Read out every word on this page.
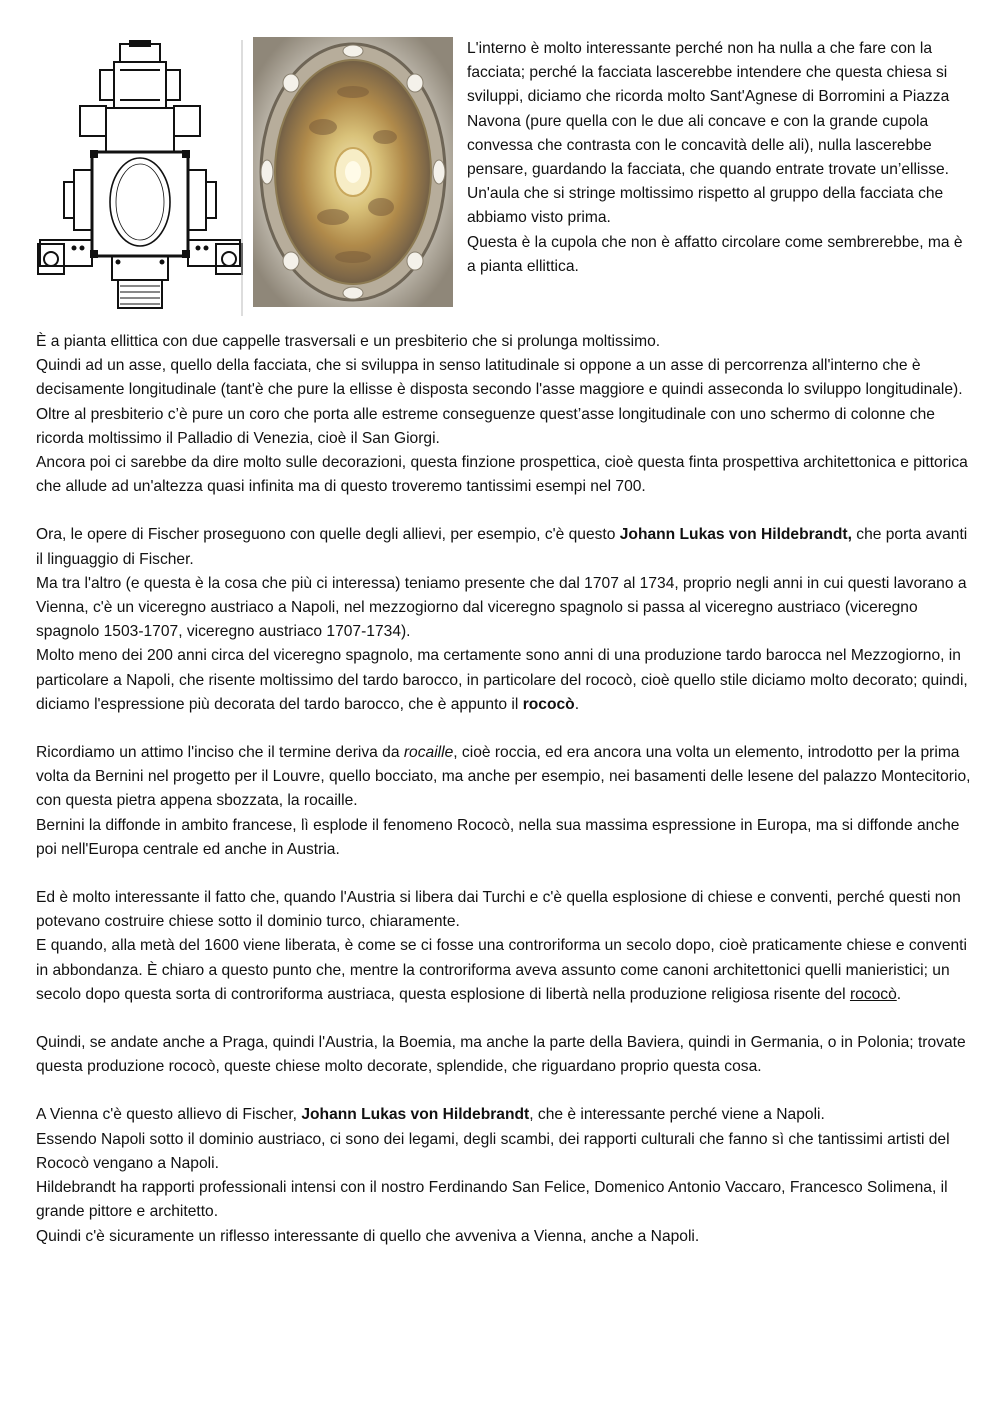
L'interno è molto interessante perché non ha nulla a che fare con la facciata; perché la facciata lascerebbe intendere che questa chiesa si sviluppi, diciamo che ricorda molto Sant'Agnese di Borromini a Piazza Navona (pure quella con le due ali concave e con la grande cupola convessa che contrasta con le concavità delle ali), nulla lascerebbe pensare, guardando la facciata, che quando entrate trovate un’ellisse.

Un'aula che si stringe moltissimo rispetto al gruppo della facciata che abbiamo visto prima.

Questa è la cupola che non è affatto circolare come sembrerebbe, ma è a pianta ellittica.

È a pianta ellittica con due cappelle trasversali e un presbiterio che si prolunga moltissimo.

Quindi ad un asse, quello della facciata, che si sviluppa in senso latitudinale si oppone a un asse di percorrenza all'interno che è decisamente longitudinale (tant'è che pure la ellisse è disposta secondo l'asse maggiore e quindi asseconda lo sviluppo longitudinale).

Oltre al presbiterio c’è pure un coro che porta alle estreme conseguenze quest’asse longitudinale con uno schermo di colonne che ricorda moltissimo il Palladio di Venezia, cioè il San Giorgi.

Ancora poi ci sarebbe da dire molto sulle decorazioni, questa finzione prospettica, cioè questa finta prospettiva architettonica e pittorica che allude ad un'altezza quasi infinita ma di questo troveremo tantissimi esempi nel 700.

Ora, le opere di Fischer proseguono con quelle degli allievi, per esempio, c'è questo Johann Lukas von Hildebrandt, che porta avanti il linguaggio di Fischer.

Ma tra l'altro (e questa è la cosa che più ci interessa) teniamo presente che dal 1707 al 1734, proprio negli anni in cui questi lavorano a Vienna, c'è un viceregno austriaco a Napoli, nel mezzogiorno dal viceregno spagnolo si passa al viceregno austriaco (viceregno spagnolo 1503-1707, viceregno austriaco 1707-1734).

Molto meno dei 200 anni circa del viceregno spagnolo, ma certamente sono anni di una produzione tardo barocca nel Mezzogiorno, in particolare a Napoli, che risente moltissimo del tardo barocco, in particolare del rococò, cioè quello stile diciamo molto decorato; quindi, diciamo l'espressione più decorata del tardo barocco, che è appunto il rococò.

Ricordiamo un attimo l'inciso che il termine deriva da rocaille, cioè roccia, ed era ancora una volta un elemento, introdotto per la prima volta da Bernini nel progetto per il Louvre, quello bocciato, ma anche per esempio, nei basamenti delle lesene del palazzo Montecitorio, con questa pietra appena sbozzata, la rocaille.

Bernini la diffonde in ambito francese, lì esplode il fenomeno Rococò, nella sua massima espressione in Europa, ma si diffonde anche poi nell'Europa centrale ed anche in Austria.

Ed è molto interessante il fatto che, quando l'Austria si libera dai Turchi e c'è quella esplosione di chiese e conventi, perché questi non potevano costruire chiese sotto il dominio turco, chiaramente.

E quando, alla metà del 1600 viene liberata, è come se ci fosse una controriforma un secolo dopo, cioè praticamente chiese e conventi in abbondanza. È chiaro a questo punto che, mentre la controriforma aveva assunto come canoni architettonici quelli manieristici; un secolo dopo questa sorta di controriforma austriaca, questa esplosione di libertà nella produzione religiosa risente del rococò.

Quindi, se andate anche a Praga, quindi l'Austria, la Boemia, ma anche la parte della Baviera, quindi in Germania, o in Polonia; trovate questa produzione rococò, queste chiese molto decorate, splendide, che riguardano proprio questa cosa.

A Vienna c'è questo allievo di Fischer, Johann Lukas von Hildebrandt, che è interessante perché viene a Napoli.

Essendo Napoli sotto il dominio austriaco, ci sono dei legami, degli scambi, dei rapporti culturali che fanno sì che tantissimi artisti del Rococò vengano a Napoli.

Hildebrandt ha rapporti professionali intensi con il nostro Ferdinando San Felice, Domenico Antonio Vaccaro, Francesco Solimena, il grande pittore e architetto.

Quindi c'è sicuramente un riflesso interessante di quello che avveniva a Vienna, anche a Napoli.
